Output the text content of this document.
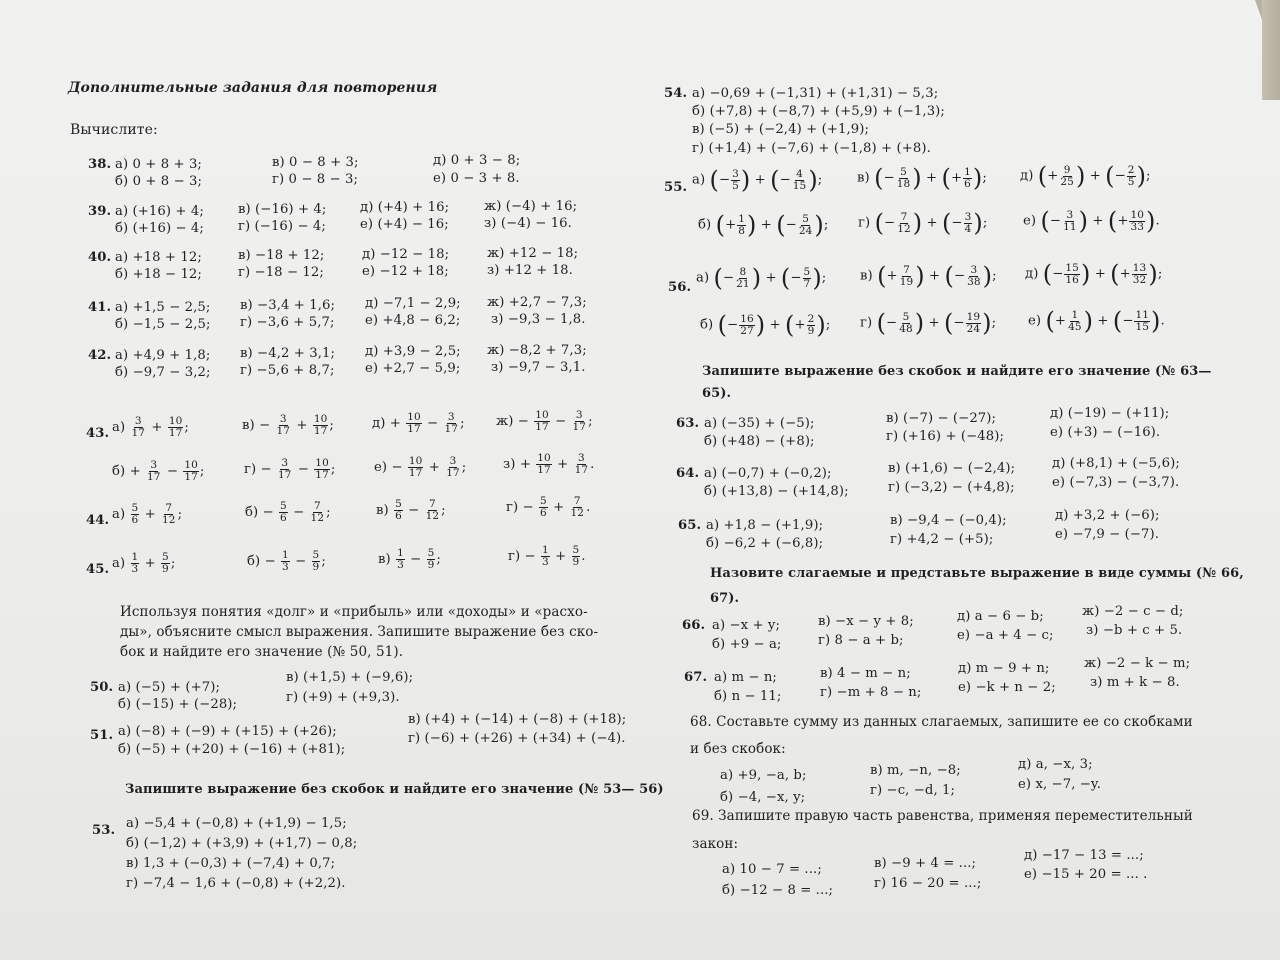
Дополнительные задания для повторения
Вычислите:
38. а) 0 + 8 + 3;
б) 0 + 8 − 3;
в) 0 − 8 + 3;
г) 0 − 8 − 3;
д) 0 + 3 − 8;
е) 0 − 3 + 8.
39. а) (+16) + 4;
б) (+16) − 4;
в) (−16) + 4;
г) (−16) − 4;
д) (+4) + 16;
е) (+4) − 16;
ж) (−4) + 16;
з) (−4) − 16.
40. а) +18 + 12;
б) +18 − 12;
в) −18 + 12;
г) −18 − 12;
д) −12 − 18;
е) −12 + 18;
ж) +12 − 18;
з) +12 + 18.
41. а) +1,5 − 2,5;
б) −1,5 − 2,5;
в) −3,4 + 1,6;
г) −3,6 + 5,7;
д) −7,1 − 2,9;
е) +4,8 − 6,2;
ж) +2,7 − 7,3;
з) −9,3 − 1,8.
42. а) +4,9 + 1,8;
б) −9,7 − 3,2;
в) −4,2 + 3,1;
г) −5,6 + 8,7;
д) +3,9 − 2,5;
е) +2,7 − 5,9;
ж) −8,2 + 7,3;
з) −9,7 − 3,1.
43. $а) \frac{3}{17} + \frac{10}{17}$ ;	$в) - \frac{3}{17} + \frac{10}{17}$ ;	$д) + \frac{10}{17} - \frac{3}{17}$ ; $ж) - \frac{10}{17} - \frac{3}{17}$ ;
$б) + \frac{3}{17} - \frac{10}{17}$ ;	$г) - \frac{3}{17} - \frac{10}{17}$ ;	$е) - \frac{10}{17} + \frac{3}{17}$ ;	$з) + \frac{10}{17} + \frac{3}{17}$ .
44. $а) \frac{5}{6} + \frac{7}{12}$ ;	$б) - \frac{5}{6} - \frac{7}{12}$ ;	$в) \frac{5}{6} - \frac{7}{12}$ ;	$г) - \frac{5}{6} + \frac{7}{12}$ .
45. $а) \frac{1}{3} + \frac{5}{9}$ ;	$б) - \frac{1}{3} - \frac{5}{9}$ ;	$в) \frac{1}{3} - \frac{5}{9}$ ;	$г) - \frac{1}{3} + \frac{5}{9}$ .
Используя понятия «долг» и «прибыль» или «доходы» и «расхо-
ды», объясните смысл выражения. Запишите выражение без ско-
бок и найдите его значение (№ 50, 51).
50. а) (−5) + (+7);
б) (−15) + (−28);
в) (+1,5) + (−9,6);
г) (+9) + (+9,3).
51. а) (−8) + (−9) + (+15) + (+26);
б) (−5) + (+20) + (−16) + (+81);
в) (+4) + (−14) + (−8) + (+18);
г) (−6) + (+26) + (+34) + (−4).
Запишите выражение без скобок и найдите его значение (№ 53— 56)
53. а) −5,4 + (−0,8) + (+1,9) − 1,5;
б) (−1,2) + (+3,9) + (+1,7) − 0,8;
в) 1,3 + (−0,3) + (−7,4) + 0,7;
г) −7,4 − 1,6 + (−0,8) + (+2,2).
54. а) −0,69 + (−1,31) + (+1,31) − 5,3;
б) (+7,8) + (−8,7) + (+5,9) + (−1,3);
в) (−5) + (−2,4) + (+1,9);
г) (+1,4) + (−7,6) + (−1,8) + (+8).
55. а) (− $\frac{3}{5}$ ) + (− $\frac{4}{15}$ );	в) (− $\frac{5}{18}$ ) + (+ $\frac{1}{6}$ );	д) (+ $\frac{9}{25}$ ) + (− $\frac{2}{5}$ );
б) (+ $\frac{1}{8}$ ) + (− $\frac{5}{24}$ ); г) (− $\frac{7}{12}$ ) + (− $\frac{3}{4}$ );	е) (− $\frac{3}{11}$ ) + (+ $\frac{10}{33}$ ).
56.
а) (− $\frac{8}{21}$ ) + (− $\frac{5}{7}$ );	в) (+ $\frac{7}{19}$ ) + (− $\frac{3}{38}$ ); д) (− $\frac{15}{16}$ ) + (+ $\frac{13}{32}$ );
б) (− $\frac{16}{27}$ ) + (+ $\frac{2}{9}$ ); г) (− $\frac{5}{48}$ ) + (− $\frac{19}{24}$ ); е) (+ $\frac{1}{45}$ ) + (− $\frac{11}{15}$ ).
Запишите выражение без скобок и найдите его значение (№ 63—
65).
63. а) (−35) + (−5);
б) (+48) − (+8);
в) (−7) − (−27);
г) (+16) + (−48);
д) (−19) − (+11);
е) (+3) − (−16).
64. а) (−0,7) + (−0,2);
б) (+13,8) − (+14,8);
в) (+1,6) − (−2,4);
г) (−3,2) − (+4,8);
д) (+8,1) + (−5,6);
е) (−7,3) − (−3,7).
65. а) +1,8 − (+1,9);
б) −6,2 + (−6,8);
в) −9,4 − (−0,4);
г) +4,2 − (+5);
д) +3,2 + (−6);
е) −7,9 − (−7).
Назовите слагаемые и представьте выражение в виде суммы (№ 66,
67).
66. а) −x + y;
б) +9 − a;
в) −x − y + 8;
г) 8 − a + b;
д) a − 6 − b;
е) −a + 4 − c;
ж) −2 − c − d;
з) −b + c + 5.
67. а) m − n;
б) n − 11;
в) 4 − m − n;
г) −m + 8 − n;
д) m − 9 + n;
е) −k + n − 2;
ж) −2 − k − m;
з) m + k − 8.
68. Составьте сумму из данных слагаемых, запишите ее со скобками
и без скобок:
а) +9, −a, b;
б) −4, −x, y;
в) m, −n, −8;
г) −c, −d, 1;
д) a, −x, 3;
е) x, −7, −y.
69. Запишите правую часть равенства, применяя переместительный
закон:
а) 10 − 7 = ...;
б) −12 − 8 = ...;
в) −9 + 4 = ...;
г) 16 − 20 = ...;
д) −17 − 13 = ...;
е) −15 + 20 = ... .
